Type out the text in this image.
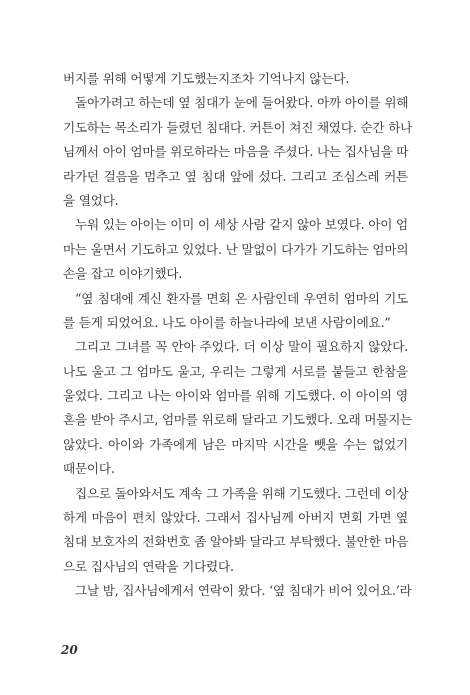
버지를 위해 어떻게 기도했는지조차 기억나지 않는다.
돌아가려고 하는데 옆 침대가 눈에 들어왔다. 아까 아이를 위해
기도하는 목소리가 들렸던 침대다. 커튼이 쳐진 채였다. 순간 하나
님께서 아이 엄마를 위로하라는 마음을 주셨다. 나는 집사님을 따
라가던 걸음을 멈추고 옆 침대 앞에 섰다. 그리고 조심스레 커튼
을 열었다.
누워 있는 아이는 이미 이 세상 사람 같지 않아 보였다. 아이 엄
마는 울면서 기도하고 있었다. 난 말없이 다가가 기도하는 엄마의
손을 잡고 이야기했다.
“옆 침대에 계신 환자를 면회 온 사람인데 우연히 엄마의 기도
를 듣게 되었어요. 나도 아이를 하늘나라에 보낸 사람이에요.”
그리고 그녀를 꼭 안아 주었다. 더 이상 말이 필요하지 않았다.
나도 울고 그 엄마도 울고, 우리는 그렇게 서로를 붙들고 한참을
울었다. 그리고 나는 아이와 엄마를 위해 기도했다. 이 아이의 영
혼을 받아 주시고, 엄마를 위로해 달라고 기도했다. 오래 머물지는
않았다. 아이와 가족에게 남은 마지막 시간을 뺏을 수는 없었기
때문이다.
집으로 돌아와서도 계속 그 가족을 위해 기도했다. 그런데 이상
하게 마음이 편치 않았다. 그래서 집사님께 아버지 면회 가면 옆
침대 보호자의 전화번호 좀 알아봐 달라고 부탁했다. 불안한 마음
으로 집사님의 연락을 기다렸다.
그날 밤, 집사님에게서 연락이 왔다. ‘옆 침대가 비어 있어요.’라
20
